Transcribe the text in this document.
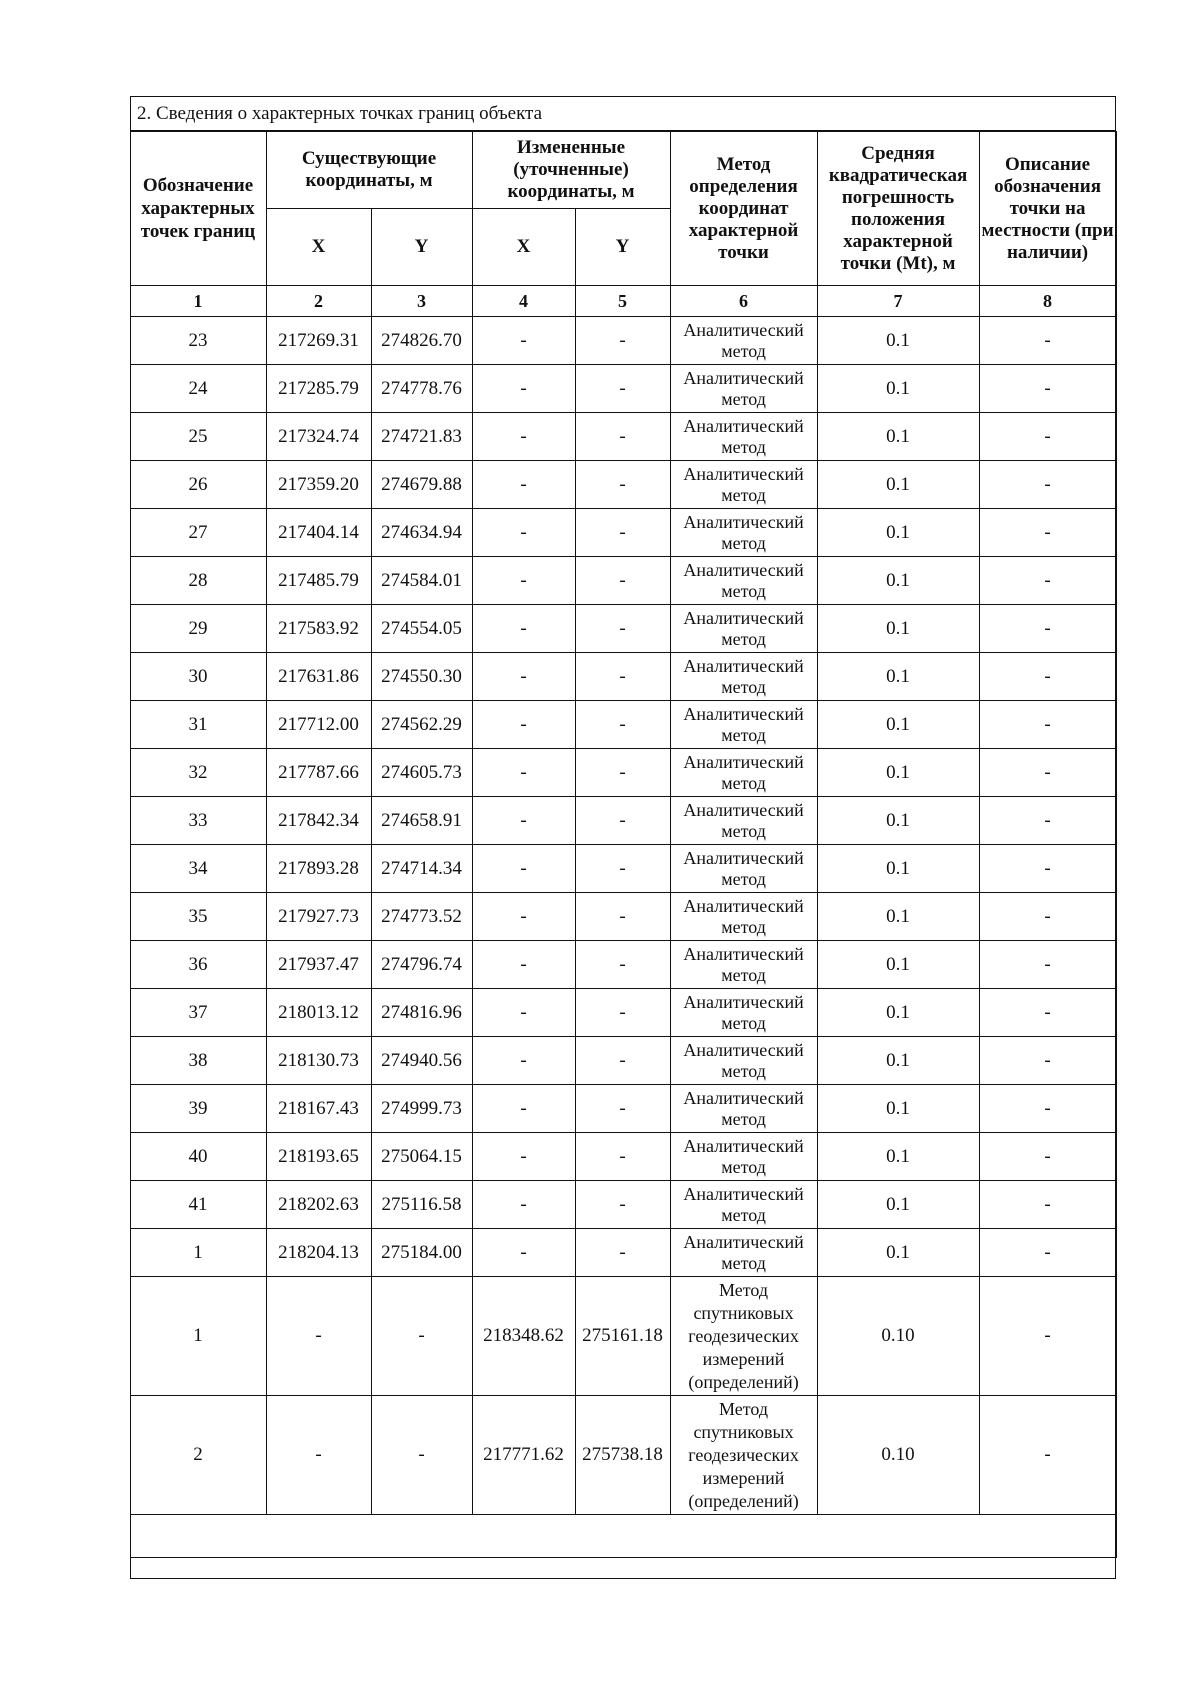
2. Сведения о характерных точках границ объекта
Обозначение характерных точек границ	Существующие координаты, м		Измененные (уточненные) координаты, м		Метод определения координат характерной точки	Средняя квадратическая погрешность положения характерной точки (Mt), м	Описание обозначения точки на местности (при наличии)
	X	Y	X	Y			
1	2	3	4	5	6	7	8
23	217269.31	274826.70	-	-	Аналитический метод	0.1	-
24	217285.79	274778.76	-	-	Аналитический метод	0.1	-
25	217324.74	274721.83	-	-	Аналитический метод	0.1	-
26	217359.20	274679.88	-	-	Аналитический метод	0.1	-
27	217404.14	274634.94	-	-	Аналитический метод	0.1	-
28	217485.79	274584.01	-	-	Аналитический метод	0.1	-
29	217583.92	274554.05	-	-	Аналитический метод	0.1	-
30	217631.86	274550.30	-	-	Аналитический метод	0.1	-
31	217712.00	274562.29	-	-	Аналитический метод	0.1	-
32	217787.66	274605.73	-	-	Аналитический метод	0.1	-
33	217842.34	274658.91	-	-	Аналитический метод	0.1	-
34	217893.28	274714.34	-	-	Аналитический метод	0.1	-
35	217927.73	274773.52	-	-	Аналитический метод	0.1	-
36	217937.47	274796.74	-	-	Аналитический метод	0.1	-
37	218013.12	274816.96	-	-	Аналитический метод	0.1	-
38	218130.73	274940.56	-	-	Аналитический метод	0.1	-
39	218167.43	274999.73	-	-	Аналитический метод	0.1	-
40	218193.65	275064.15	-	-	Аналитический метод	0.1	-
41	218202.63	275116.58	-	-	Аналитический метод	0.1	-
1	218204.13	275184.00	-	-	Аналитический метод	0.1	-
1	-	-	218348.62	275161.18	Метод спутниковых геодезических измерений (определений)	0.10	-
2	-	-	217771.62	275738.18	Метод спутниковых геодезических измерений (определений)	0.10	-
